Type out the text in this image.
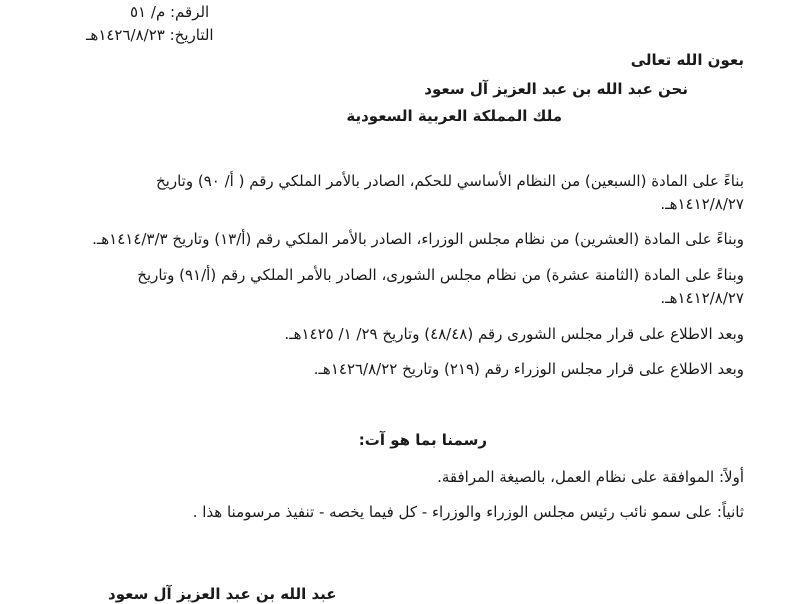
الرقم: م/ ٥١
التاريخ: ١٤٢٦/٨/٢٣هـ
بعون الله تعالى
نحن عبد الله بن عبد العزيز آل سعود
ملك المملكة العربية السعودية
بناءً على المادة (السبعين) من النظام الأساسي للحكم، الصادر بالأمر الملكي رقم ( أ/ ٩٠) وتاريخ
١٤١٢/٨/٢٧هـ.
وبناءً على المادة (العشرين) من نظام مجلس الوزراء، الصادر بالأمر الملكي رقم (أ/١٣) وتاريخ ١٤١٤/٣/٣هـ.
وبناءً على المادة (الثامنة عشرة) من نظام مجلس الشورى، الصادر بالأمر الملكي رقم (أ/٩١) وتاريخ
١٤١٢/٨/٢٧هـ.
وبعد الاطلاع على قرار مجلس الشورى رقم (٤٨/٤٨) وتاريخ ٢٩/ ١/ ١٤٢٥هـ.
وبعد الاطلاع على قرار مجلس الوزراء رقم (٢١٩) وتاريخ ١٤٢٦/٨/٢٢هـ.
رسمنا بما هو آت:
أولاً: الموافقة على نظام العمل، بالصيغة المرافقة.
ثانياً: على سمو نائب رئيس مجلس الوزراء والوزراء - كل فيما يخصه - تنفيذ مرسومنا هذا .
عبد الله بن عبد العزيز آل سعود
